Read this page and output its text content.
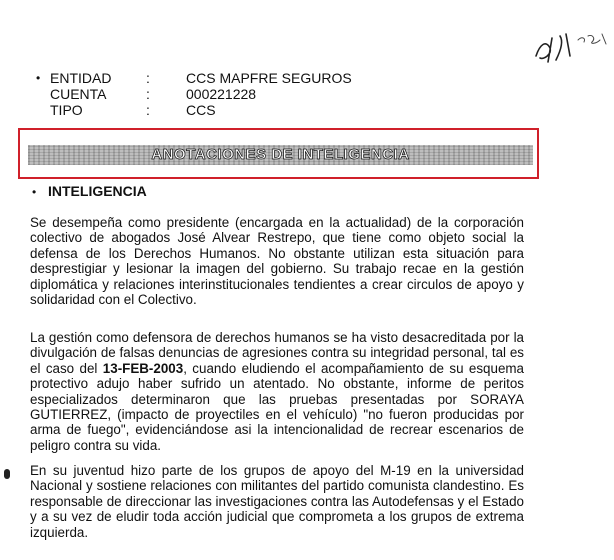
• ENTIDAD	:	CCS MAPFRE SEGUROS
CUENTA	:	000221228
TIPO	:	CCS
ANOTACIONES DE INTELIGENCIA
• INTELIGENCIA
Se desempeña como presidente (encargada en la actualidad) de la corporación colectivo de abogados José Alvear Restrepo, que tiene como objeto social la defensa de los Derechos Humanos. No obstante utilizan esta situación para desprestigiar y lesionar la imagen del gobierno. Su trabajo recae en la gestión diplomática y relaciones interinstitucionales tendientes a crear circulos de apoyo y solidaridad con el Colectivo.
La gestión como defensora de derechos humanos se ha visto desacreditada por la divulgación de falsas denuncias de agresiones contra su integridad personal, tal es el caso del 13-FEB-2003, cuando eludiendo el acompañamiento de su esquema protectivo adujo haber sufrido un atentado. No obstante, informe de peritos especializados determinaron que las pruebas presentadas por SORAYA GUTIERREZ, (impacto de proyectiles en el vehículo) "no fueron producidas por arma de fuego", evidenciándose asi la intencionalidad de recrear escenarios de peligro contra su vida.
En su juventud hizo parte de los grupos de apoyo del M-19 en la universidad Nacional y sostiene relaciones con militantes del partido comunista clandestino. Es responsable de direccionar las investigaciones contra las Autodefensas y el Estado y a su vez de eludir toda acción judicial que comprometa a los grupos de extrema izquierda.
